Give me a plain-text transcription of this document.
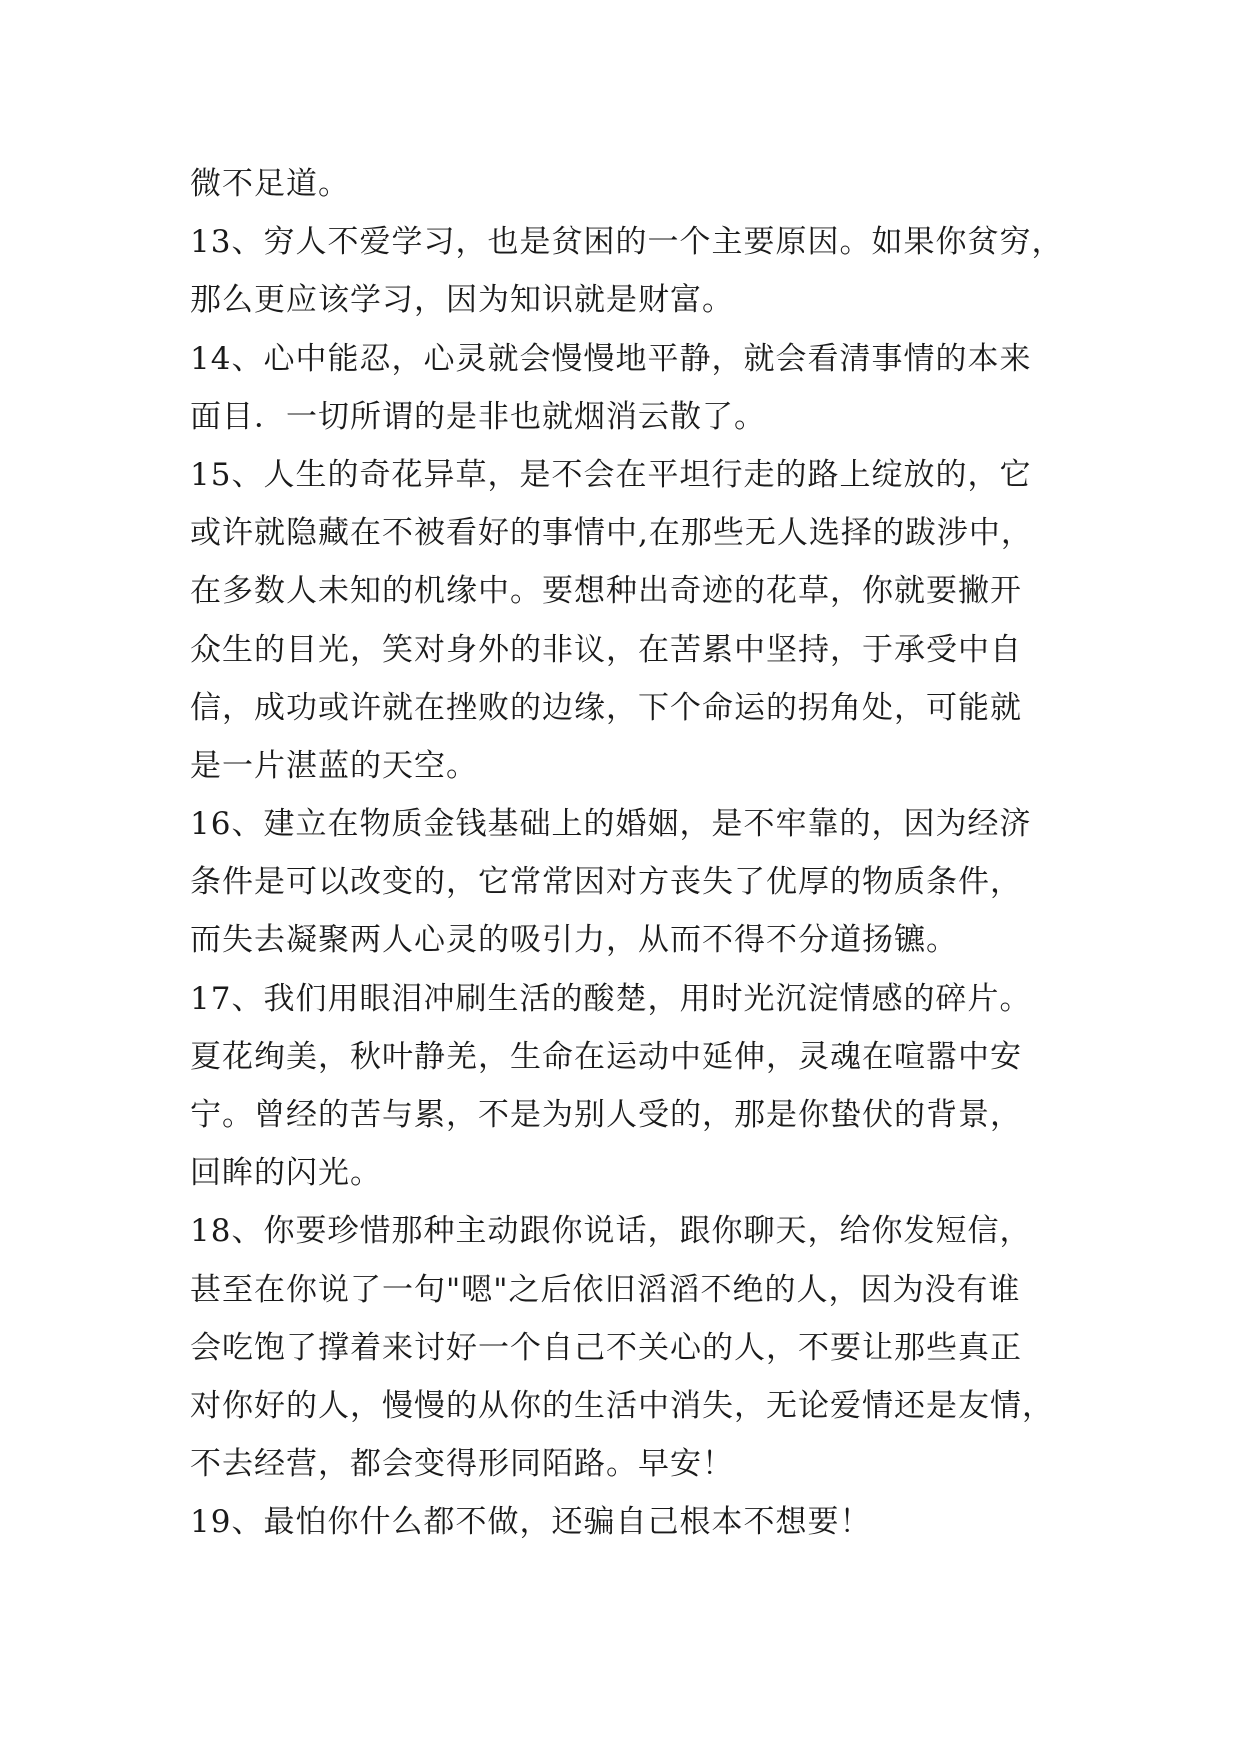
微不足道。
13、穷人不爱学习，也是贫困的一个主要原因。如果你贫穷，
那么更应该学习，因为知识就是财富。
14、心中能忍，心灵就会慢慢地平静，就会看清事情的本来
面目．一切所谓的是非也就烟消云散了。
15、人生的奇花异草，是不会在平坦行走的路上绽放的，它
或许就隐藏在不被看好的事情中,在那些无人选择的跋涉中，
在多数人未知的机缘中。要想种出奇迹的花草，你就要撇开
众生的目光，笑对身外的非议，在苦累中坚持，于承受中自
信，成功或许就在挫败的边缘，下个命运的拐角处，可能就
是一片湛蓝的天空。
16、建立在物质金钱基础上的婚姻，是不牢靠的，因为经济
条件是可以改变的，它常常因对方丧失了优厚的物质条件，
而失去凝聚两人心灵的吸引力，从而不得不分道扬镳。
17、我们用眼泪冲刷生活的酸楚，用时光沉淀情感的碎片。
夏花绚美，秋叶静羌，生命在运动中延伸，灵魂在喧嚣中安
宁。曾经的苦与累，不是为别人受的，那是你蛰伏的背景，
回眸的闪光。
18、你要珍惜那种主动跟你说话，跟你聊天，给你发短信，
甚至在你说了一句"嗯"之后依旧滔滔不绝的人，因为没有谁
会吃饱了撑着来讨好一个自己不关心的人，不要让那些真正
对你好的人，慢慢的从你的生活中消失，无论爱情还是友情，
不去经营，都会变得形同陌路。早安！
19、最怕你什么都不做，还骗自己根本不想要！
